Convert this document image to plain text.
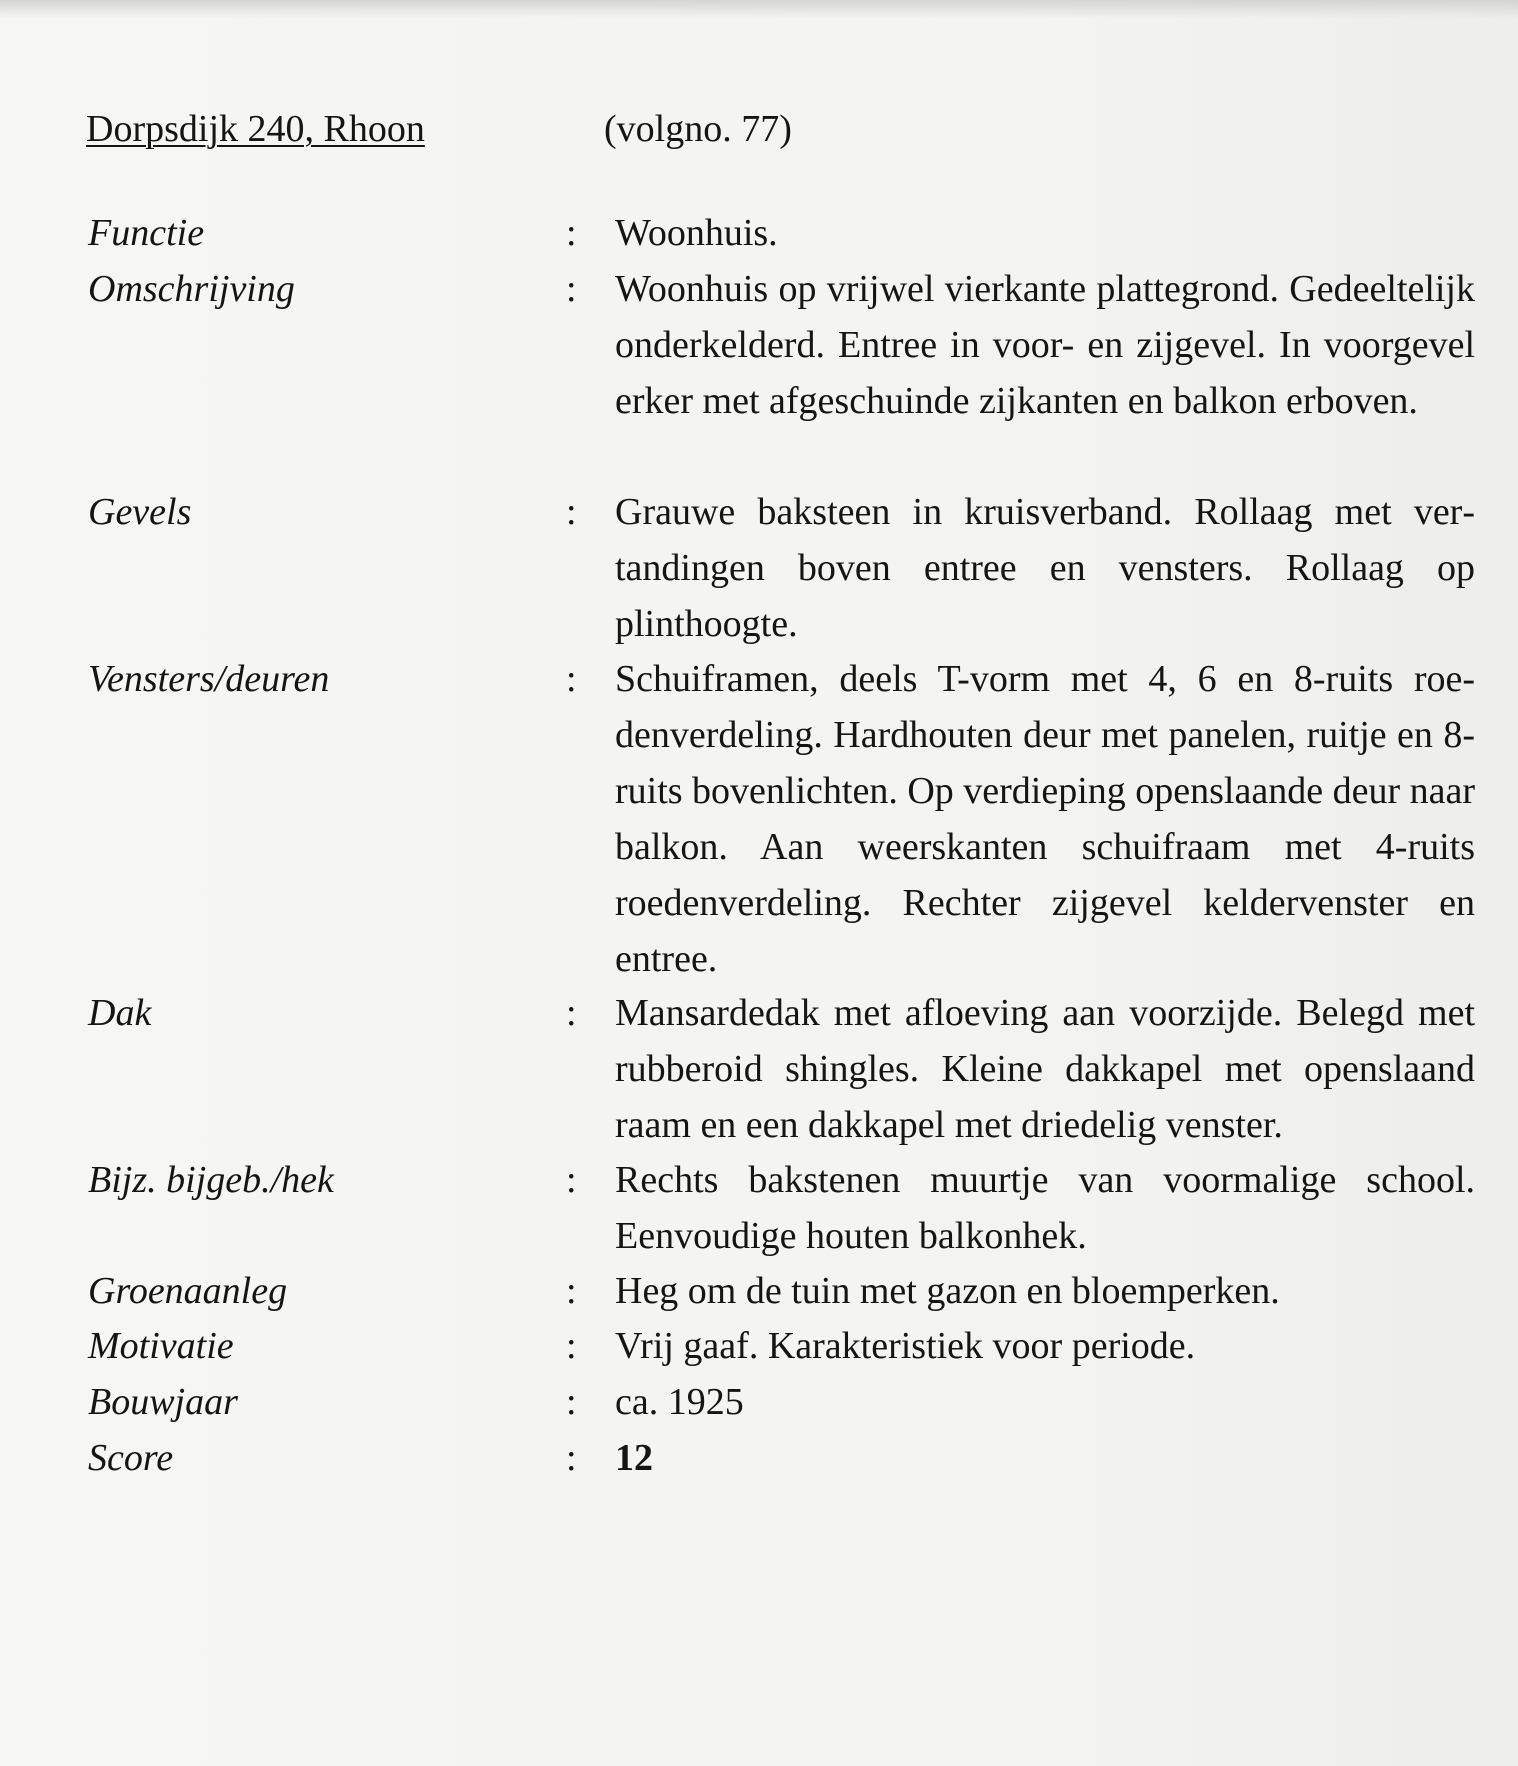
Dorpsdijk 240, Rhoon	(volgno. 77)
Functie	: Woonhuis.
Omschrijving	: Woonhuis op vrijwel vierkante plattegrond. Gedeeltelijk onderkelderd. Entree in voor- en zijgevel. In voorgevel erker met afgeschuinde zijkanten en balkon erboven.
Gevels	: Grauwe baksteen in kruisverband. Rollaag met vertandingen boven entree en vensters. Rollaag op plinthoogte.
Vensters/deuren	: Schuiframen, deels T-vorm met 4, 6 en 8-ruits roedenverdeling. Hardhouten deur met panelen, ruitje en 8-ruits bovenlichten. Op verdieping openslaande deur naar balkon. Aan weerskanten schuifraam met 4-ruits roedenverdeling. Rechter zijgevel keldervenster en entree.
Dak	: Mansardedak met afloeving aan voorzijde. Belegd met rubberoid shingles. Kleine dakkapel met openslaand raam en een dakkapel met driedelig venster.
Bijz. bijgeb./hek	: Rechts bakstenen muurtje van voormalige school. Eenvoudige houten balkonhek.
Groenaanleg	: Heg om de tuin met gazon en bloemperken.
Motivatie	: Vrij gaaf. Karakteristiek voor periode.
Bouwjaar	: ca. 1925
Score	: 12
